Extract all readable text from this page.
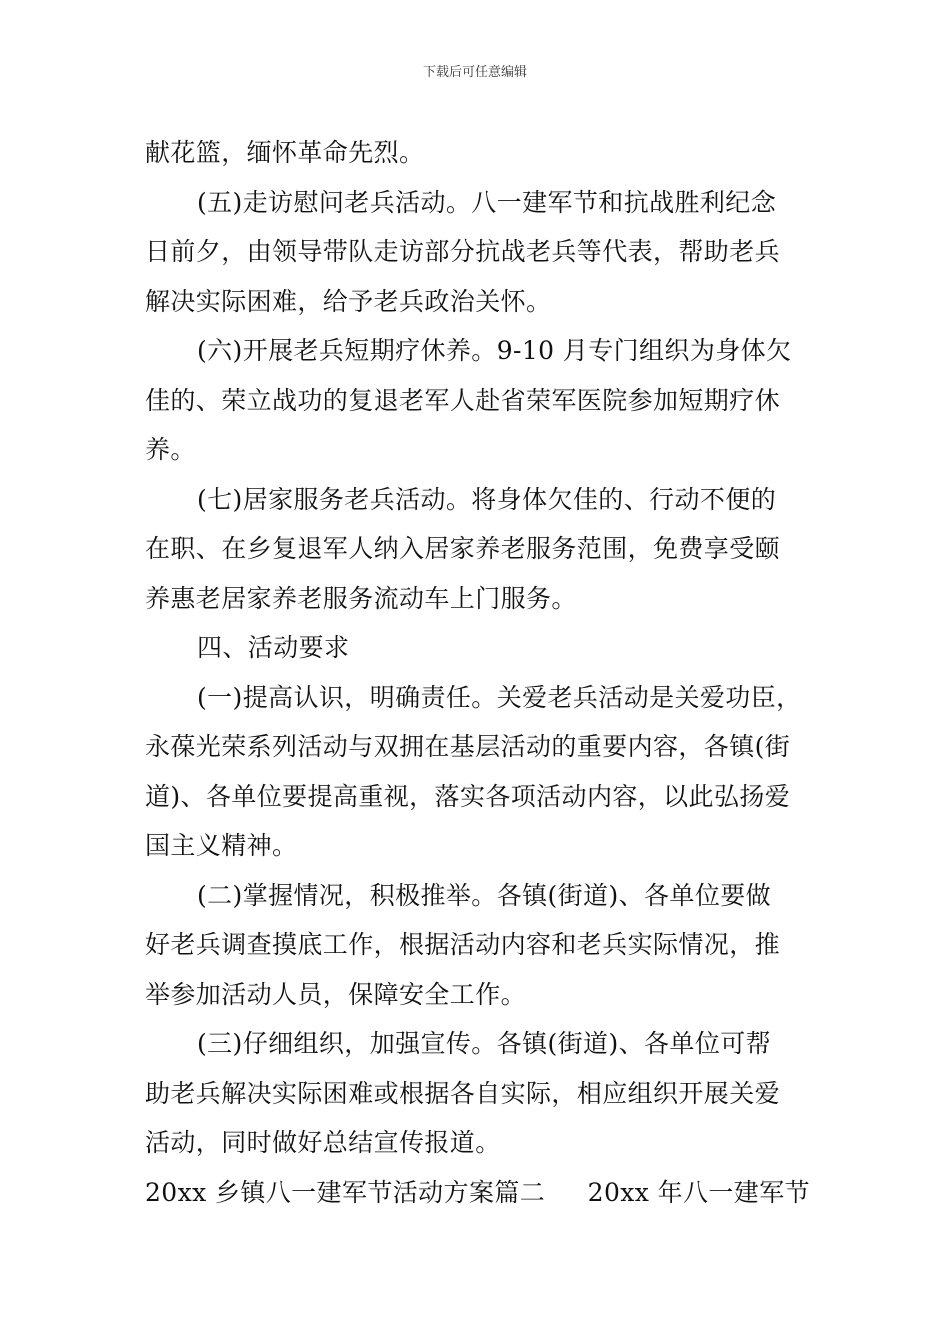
下载后可任意编辑
献花篮，缅怀革命先烈。
(五)走访慰问老兵活动。八一建军节和抗战胜利纪念
日前夕，由领导带队走访部分抗战老兵等代表，帮助老兵
解决实际困难，给予老兵政治关怀。
(六)开展老兵短期疗休养。9-10 月专门组织为身体欠
佳的、荣立战功的复退老军人赴省荣军医院参加短期疗休
养。
(七)居家服务老兵活动。将身体欠佳的、行动不便的
在职、在乡复退军人纳入居家养老服务范围，免费享受颐
养惠老居家养老服务流动车上门服务。
四、活动要求
(一)提高认识，明确责任。关爱老兵活动是关爱功臣，
永葆光荣系列活动与双拥在基层活动的重要内容，各镇(街
道)、各单位要提高重视，落实各项活动内容，以此弘扬爱
国主义精神。
(二)掌握情况，积极推举。各镇(街道)、各单位要做
好老兵调查摸底工作，根据活动内容和老兵实际情况，推
举参加活动人员，保障安全工作。
(三)仔细组织，加强宣传。各镇(街道)、各单位可帮
助老兵解决实际困难或根据各自实际，相应组织开展关爱
活动，同时做好总结宣传报道。
20xx 乡镇八一建军节活动方案篇二 20xx 年八一建军节
